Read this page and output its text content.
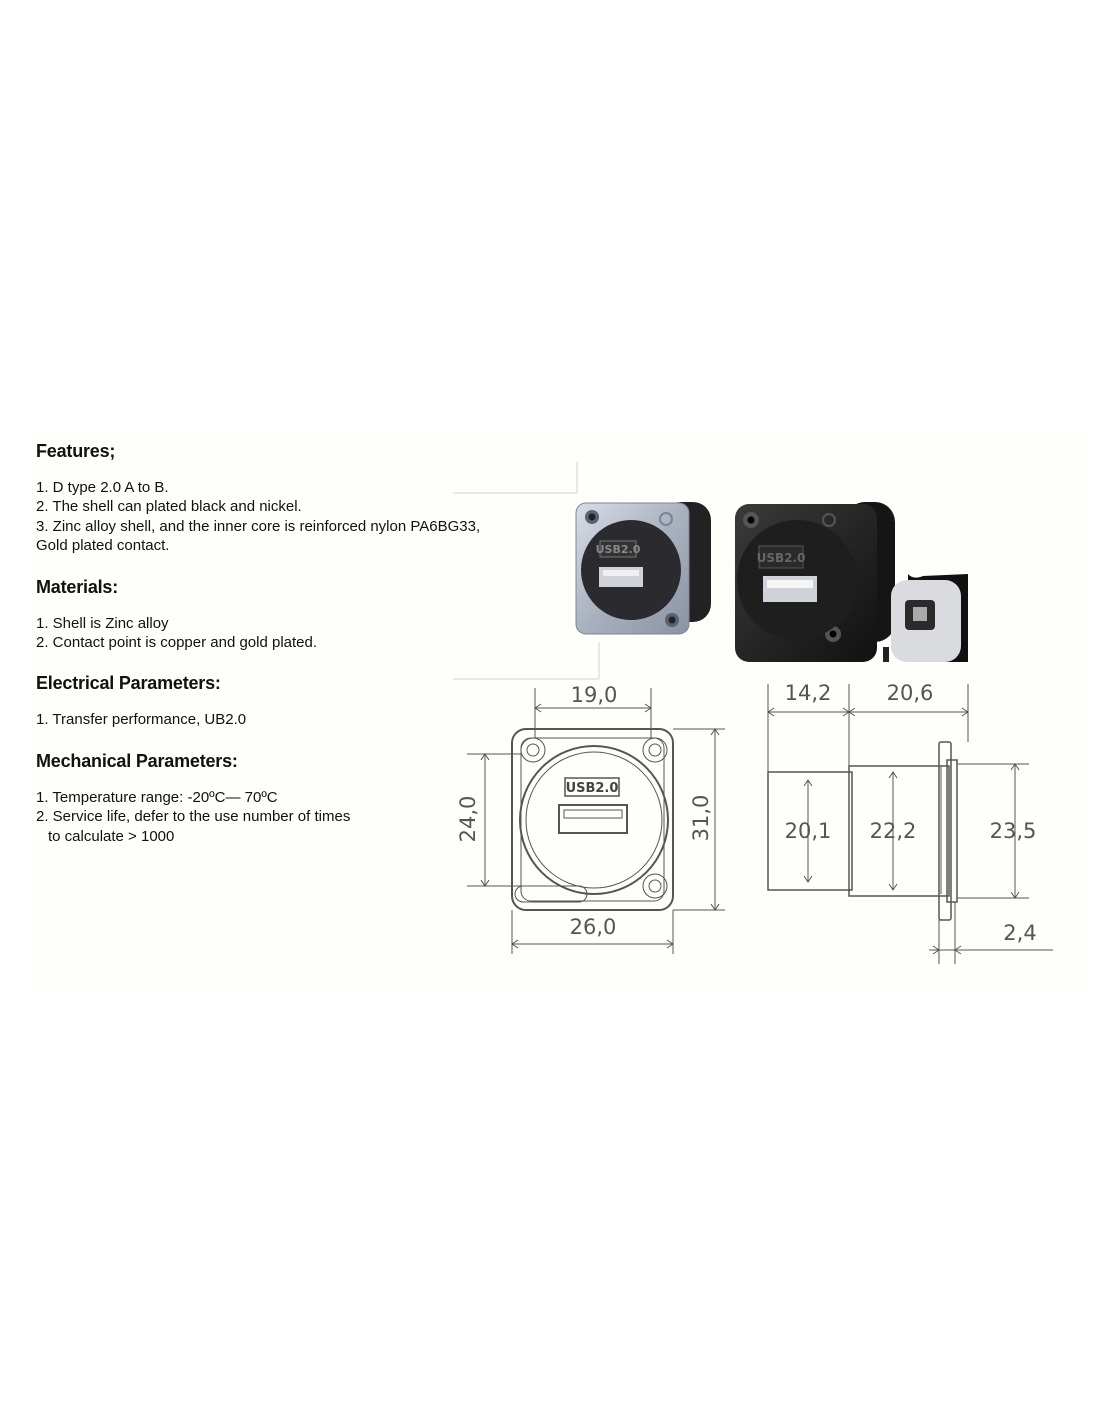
Features;
1. D type 2.0 A to B.
2. The shell can plated black and nickel.
3. Zinc alloy shell, and the inner core is reinforced nylon PA6BG33,
Gold plated contact.
Materials:
1. Shell is Zinc alloy
2. Contact point is copper and gold plated.
Electrical Parameters:
1. Transfer performance, UB2.0
Mechanical Parameters:
1. Temperature range: -20ºC— 70ºC
2. Service life, defer to the use number of times
to calculate > 1000
USB2.0
USB2.0
19,0
26,0
24,0	31,0
14,2	20,6
20,1 22,2	23,5
2,4
USB2.0
